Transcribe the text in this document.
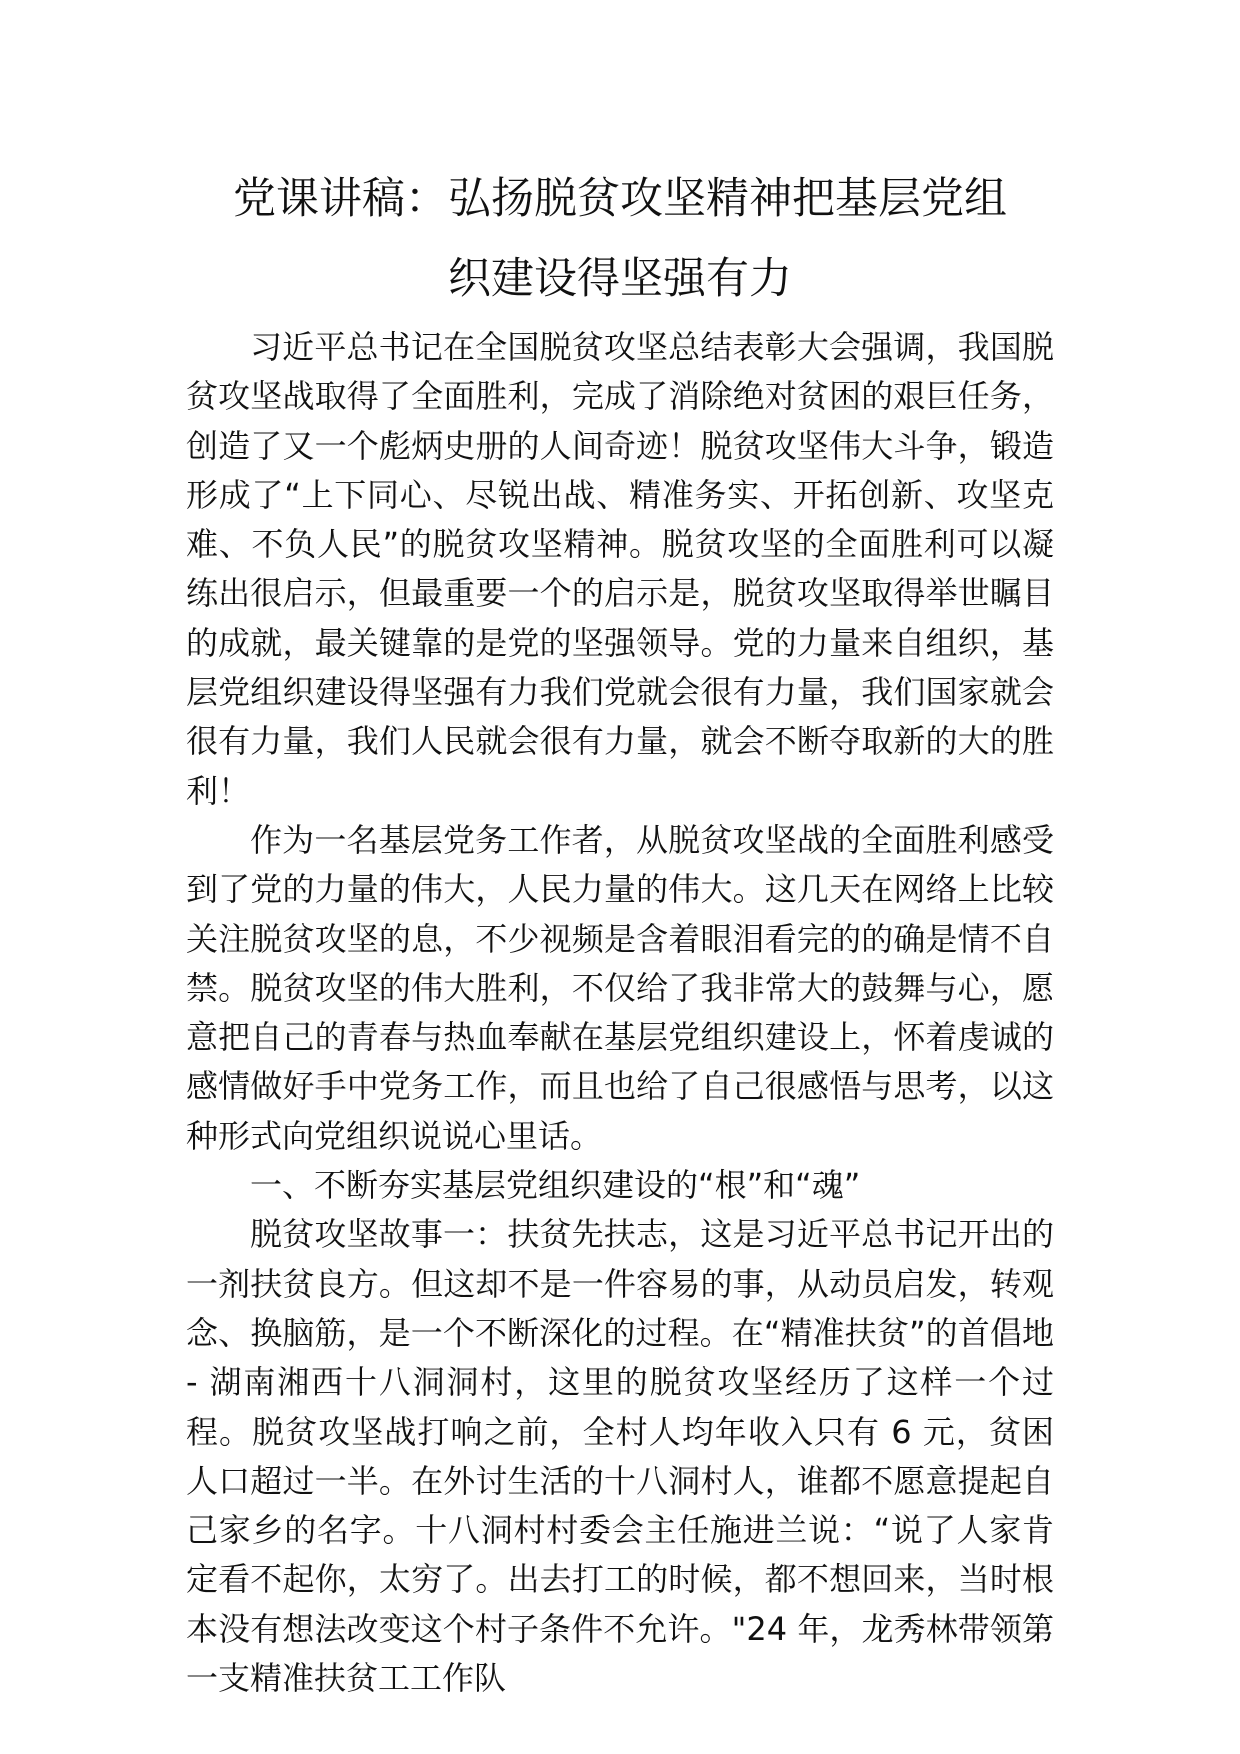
党课讲稿：弘扬脱贫攻坚精神把基层党组
织建设得坚强有力

习近平总书记在全国脱贫攻坚总结表彰大会强调，我国脱贫攻坚战取得了全面胜利，完成了消除绝对贫困的艰巨任务，创造了又一个彪炳史册的人间奇迹！脱贫攻坚伟大斗争，锻造形成了“上下同心、尽锐出战、精准务实、开拓创新、攻坚克难、不负人民”的脱贫攻坚精神。脱贫攻坚的全面胜利可以凝练出很启示，但最重要一个的启示是，脱贫攻坚取得举世瞩目的成就，最关键靠的是党的坚强领导。党的力量来自组织，基层党组织建设得坚强有力我们党就会很有力量，我们国家就会很有力量，我们人民就会很有力量，就会不断夺取新的大的胜利！

作为一名基层党务工作者，从脱贫攻坚战的全面胜利感受到了党的力量的伟大，人民力量的伟大。这几天在网络上比较关注脱贫攻坚的息，不少视频是含着眼泪看完的的确是情不自禁。脱贫攻坚的伟大胜利，不仅给了我非常大的鼓舞与心，愿意把自己的青春与热血奉献在基层党组织建设上，怀着虔诚的感情做好手中党务工作，而且也给了自己很感悟与思考，以这种形式向党组织说说心里话。

一、不断夯实基层党组织建设的“根”和“魂”

脱贫攻坚故事一：扶贫先扶志，这是习近平总书记开出的一剂扶贫良方。但这却不是一件容易的事，从动员启发，转观念、换脑筋，是一个不断深化的过程。在“精准扶贫”的首倡地 - 湖南湘西十八洞洞村，这里的脱贫攻坚经历了这样一个过程。脱贫攻坚战打响之前，全村人均年收入只有 6 元，贫困人口超过一半。在外讨生活的十八洞村人，谁都不愿意提起自己家乡的名字。十八洞村村委会主任施进兰说：“说了人家肯定看不起你，太穷了。出去打工的时候，都不想回来，当时根本没有想法改变这个村子条件不允许。"24 年，龙秀林带领第一支精准扶贫工工作队
